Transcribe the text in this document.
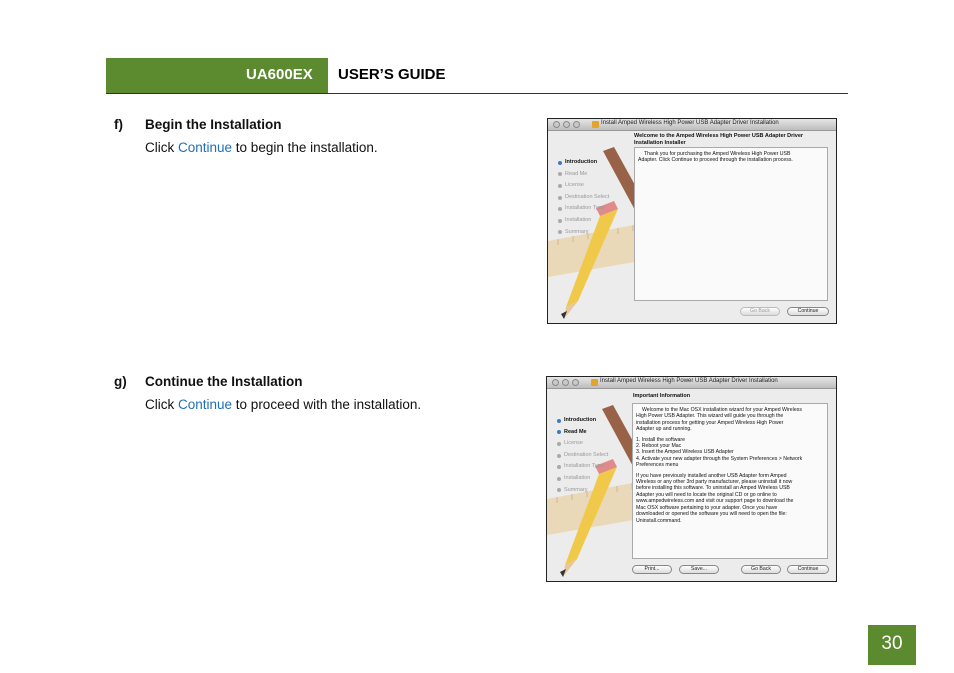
UA600EX USER’S GUIDE
f) Begin the Installation
Click Continue to begin the installation.
Install Amped Wireless High Power USB Adapter Driver Installation
Introduction
Read Me
License
Destination Select
Installation Type
Installation
Summary
Welcome to the Amped Wireless High Power USB Adapter Driver
Installation Installer
Thank you for purchasing the Amped Wireless High Power USB
Adapter. Click Continue to proceed through the installation process.
Go Back	Continue
g) Continue the Installation
Click Continue to proceed with the installation.
Install Amped Wireless High Power USB Adapter Driver Installation
Introduction
Read Me
License
Destination Select
Installation Type
Installation
Summary
Important Information

Welcome to the Mac OSX installation wizard for your Amped Wireless
High Power USB Adapter. This wizard will guide you through the
installation process for getting your Amped Wireless High Power
Adapter up and running.

1. Install the software
2. Reboot your Mac
3. Insert the Amped Wireless USB Adapter
4. Activate your new adapter through the System Preferences > Network
Preferences menu

If you have previously installed another USB Adapter form Amped
Wireless or any other 3rd party manufacturer, please uninstall it now
before installing this software. To uninstall an Amped Wireless USB
Adapter you will need to locate the original CD or go online to
www.ampedwireless.com and visit our support page to download the
Mac OSX software pertaining to your adapter. Once you have
downloaded or opened the software you will need to open the file:
Uninstall.command.

Print...	Save...	Go Back	Continue
30
